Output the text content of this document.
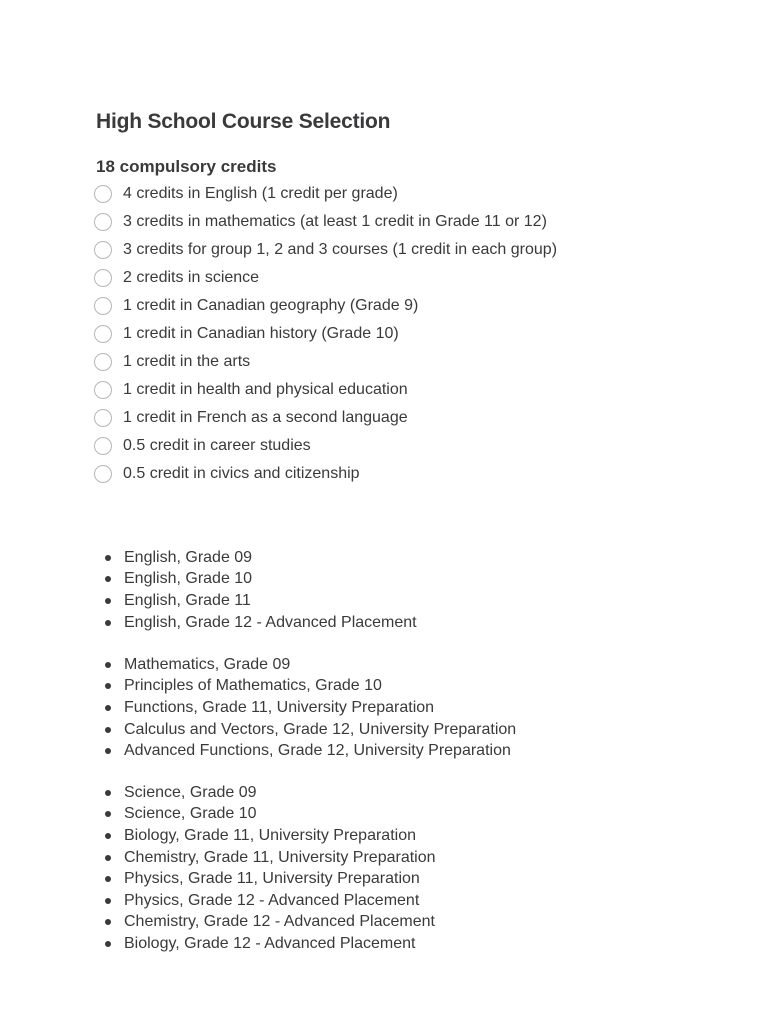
High School Course Selection
18 compulsory credits
4 credits in English (1 credit per grade)
3 credits in mathematics (at least 1 credit in Grade 11 or 12)
3 credits for group 1, 2 and 3 courses (1 credit in each group)
2 credits in science
1 credit in Canadian geography (Grade 9)
1 credit in Canadian history (Grade 10)
1 credit in the arts
1 credit in health and physical education
1 credit in French as a second language
0.5 credit in career studies
0.5 credit in civics and citizenship
English, Grade 09
English, Grade 10
English, Grade 11
English, Grade 12 - Advanced Placement
Mathematics, Grade 09
Principles of Mathematics, Grade 10
Functions, Grade 11, University Preparation
Calculus and Vectors, Grade 12, University Preparation
Advanced Functions, Grade 12, University Preparation
Science, Grade 09
Science, Grade 10
Biology, Grade 11, University Preparation
Chemistry, Grade 11, University Preparation
Physics, Grade 11, University Preparation
Physics, Grade 12 - Advanced Placement
Chemistry, Grade 12 - Advanced Placement
Biology, Grade 12 - Advanced Placement
